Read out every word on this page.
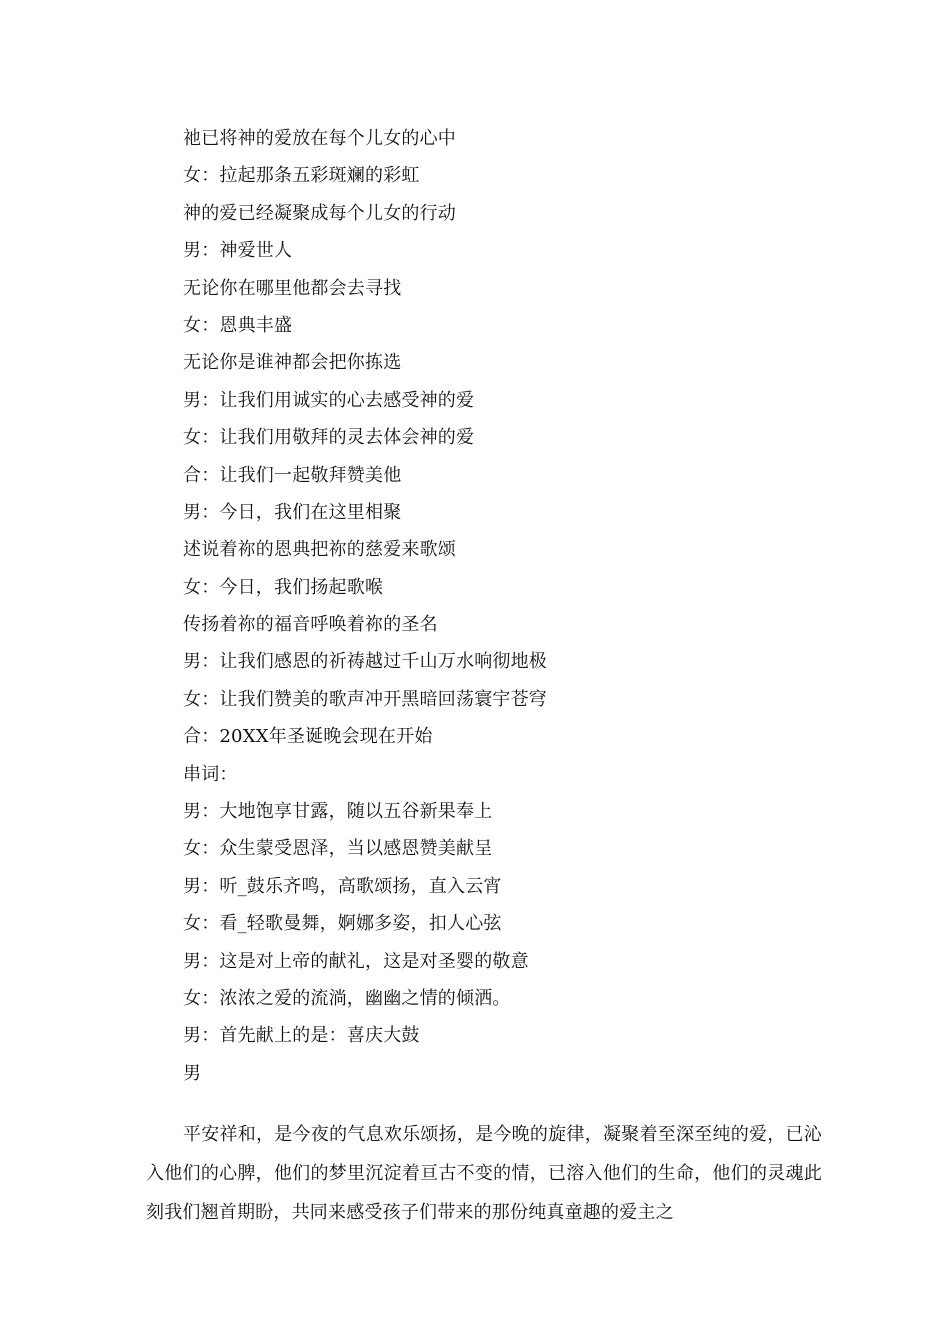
祂已将神的爱放在每个儿女的心中
女：拉起那条五彩斑斓的彩虹
神的爱已经凝聚成每个儿女的行动
男：神爱世人
无论你在哪里他都会去寻找
女：恩典丰盛
无论你是谁神都会把你拣选
男：让我们用诚实的心去感受神的爱
女：让我们用敬拜的灵去体会神的爱
合：让我们一起敬拜赞美他
男：今日，我们在这里相聚
述说着祢的恩典把祢的慈爱来歌颂
女：今日，我们扬起歌喉
传扬着祢的福音呼唤着祢的圣名
男：让我们感恩的祈祷越过千山万水响彻地极
女：让我们赞美的歌声冲开黑暗回荡寰宇苍穹
合：20XX年圣诞晚会现在开始
串词：
男：大地饱享甘露，随以五谷新果奉上
女：众生蒙受恩泽，当以感恩赞美献呈
男：听_鼓乐齐鸣，高歌颂扬，直入云宵
女：看_轻歌曼舞，婀娜多姿，扣人心弦
男：这是对上帝的献礼，这是对圣婴的敬意
女：浓浓之爱的流淌，幽幽之情的倾洒。
男：首先献上的是：喜庆大鼓
男

平安祥和，是今夜的气息欢乐颂扬，是今晚的旋律，凝聚着至深至纯的爱，已沁入他们的心脾，他们的梦里沉淀着亘古不变的情，已溶入他们的生命，他们的灵魂此刻我们翘首期盼，共同来感受孩子们带来的那份纯真童趣的爱主之
